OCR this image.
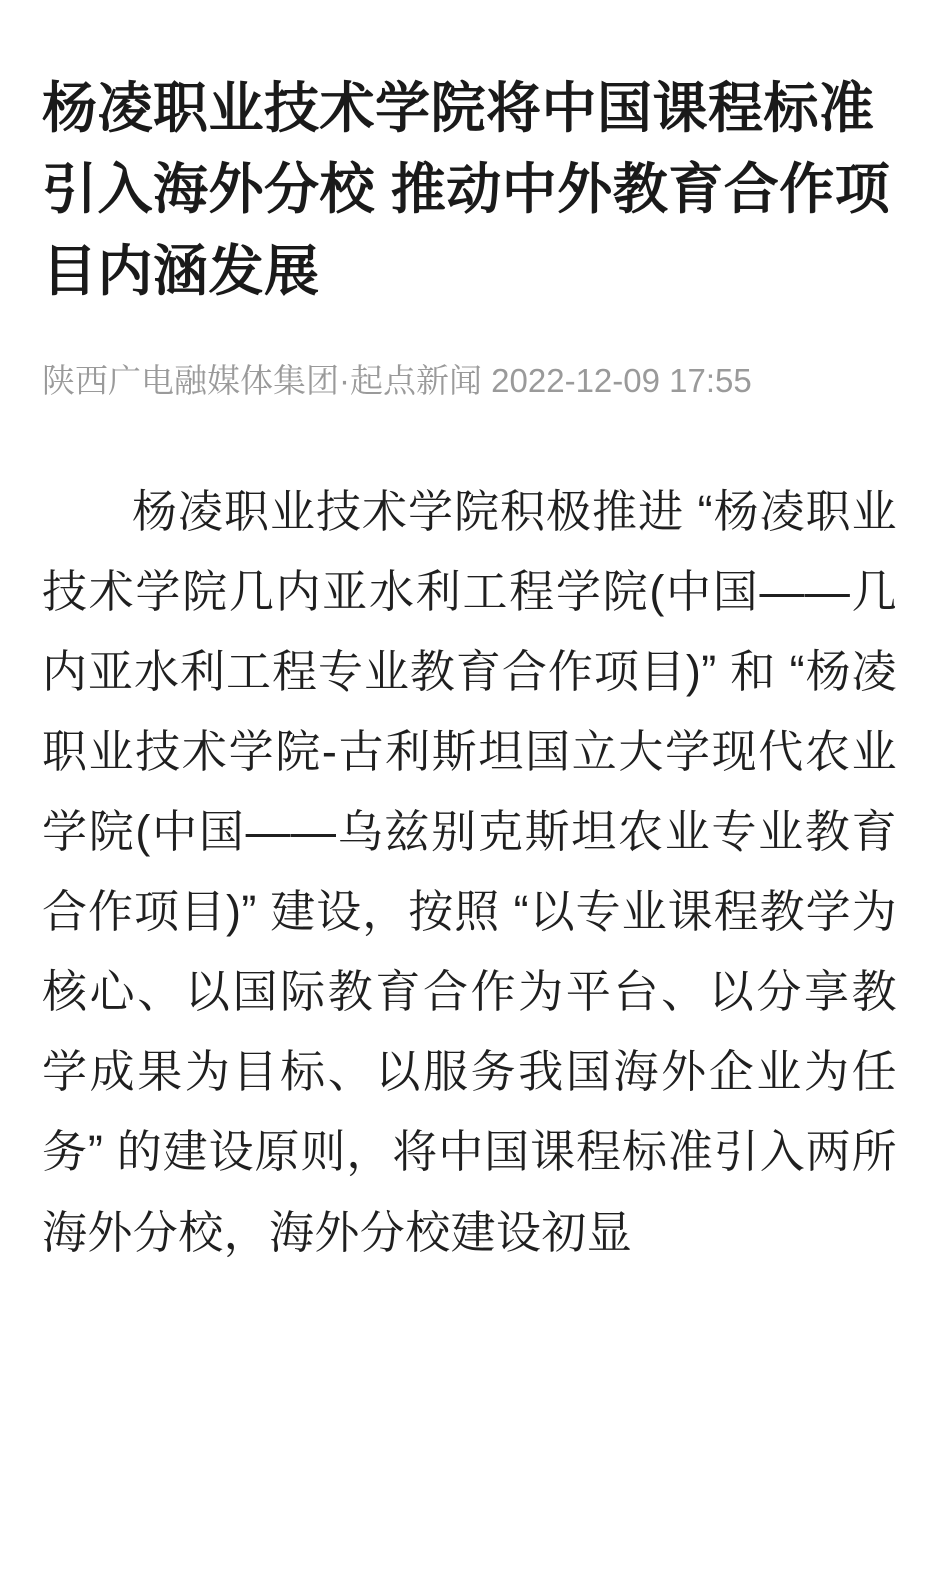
杨凌职业技术学院将中国课程标准引入海外分校 推动中外教育合作项目内涵发展
陕西广电融媒体集团·起点新闻 2022-12-09 17:55

杨凌职业技术学院积极推进 “杨凌职业技术学院几内亚水利工程学院(中国——几内亚水利工程专业教育合作项目)” 和 “杨凌职业技术学院-古利斯坦国立大学现代农业学院(中国——乌兹别克斯坦农业专业教育合作项目)” 建设，按照 “以专业课程教学为核心、以国际教育合作为平台、以分享教学成果为目标、以服务我国海外企业为任务” 的建设原则，将中国课程标准引入两所海外分校，海外分校建设初显
